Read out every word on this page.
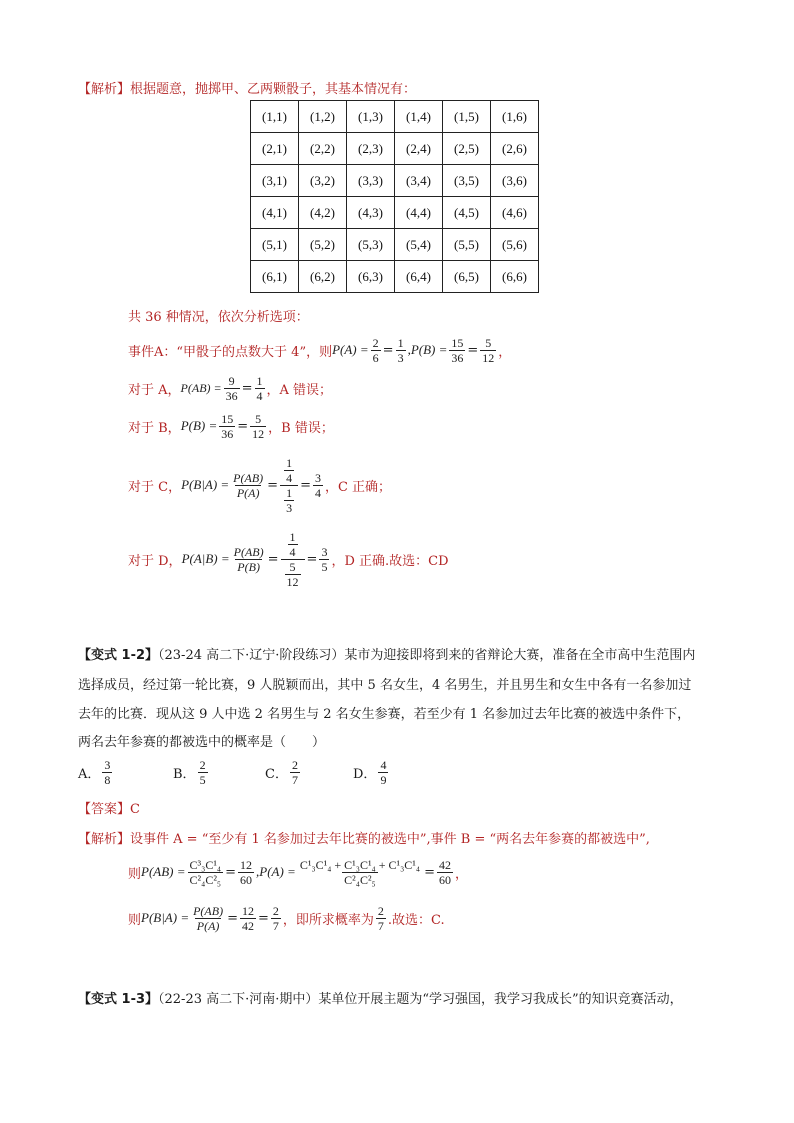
【解析】根据题意，抛掷甲、乙两颗骰子，其基本情况有：
(1,1)	(1,2)	(1,3)	(1,4)	(1,5)	(1,6)
(2,1)	(2,2)	(2,3)	(2,4)	(2,5)	(2,6)
(3,1)	(3,2)	(3,3)	(3,4)	(3,5)	(3,6)
(4,1)	(4,2)	(4,3)	(4,4)	(4,5)	(4,6)
(5,1)	(5,2)	(5,3)	(5,4)	(5,5)	(5,6)
(6,1)	(6,2)	(6,3)	(6,4)	(6,5)	(6,6)
共 36 种情况，依次分析选项：
事件A：“甲骰子的点数大于 4”，则 $P(A) = \frac{2}{6} = \frac{1}{3} ,P(B) = \frac{15}{36} = \frac{5}{12}$ ，
对于 A， $P(AB) = \frac{9}{36} = \frac{1}{4}$ ，A 错误；
对于 B， $P(B) = \frac{15}{36} = \frac{5}{12}$ ，B 错误；
对于 C， $P(B|A) = \frac{P(AB)}{P(A)} = \frac{\frac{1}{4}}{\frac{1}{3}} = \frac{3}{4}$ ，C 正确；
对于 D， $P(A|B) = \frac{P(AB)}{P(B)} = \frac{\frac{1}{4}}{\frac{5}{12}} = \frac{3}{5}$ ，D 正确.故选：CD
【变式 1-2】（23-24 高二下·辽宁·阶段练习）某市为迎接即将到来的省辩论大赛，准备在全市高中生范围内
选择成员，经过第一轮比赛，9 人脱颖而出，其中 5 名女生，4 名男生，并且男生和女生中各有一名参加过
去年的比赛．现从这 9 人中选 2 名男生与 2 名女生参赛，若至少有 1 名参加过去年比赛的被选中条件下，
两名去年参赛的都被选中的概率是（　　）
A． $\frac{3}{8}$	B． $\frac{2}{5}$	C． $\frac{2}{7}$	D． $\frac{4}{9}$
【答案】C
【解析】设事件 A = “至少有 1 名参加过去年比赛的被选中”,事件 B = “两名去年参赛的都被选中”,
则 $P(AB) = \frac{\text{C³₃C¹₄}}{\text{C²₄C²₅}} = \frac{12}{60} ,P(A) = \frac{\text{C¹₃C¹₄ + C¹₃C¹₄ + C¹₃C¹₄}}{\text{C²₄C²₅}} = \frac{42}{60}$ ，
则 $P(B|A) = \frac{P(AB)}{P(A)} = \frac{12}{42} = \frac{2}{7}$ ，即所求概率为 $\frac{2}{7}$ .故选：C.
【变式 1-3】（22-23 高二下·河南·期中）某单位开展主题为“学习强国，我学习我成长”的知识竞赛活动，
